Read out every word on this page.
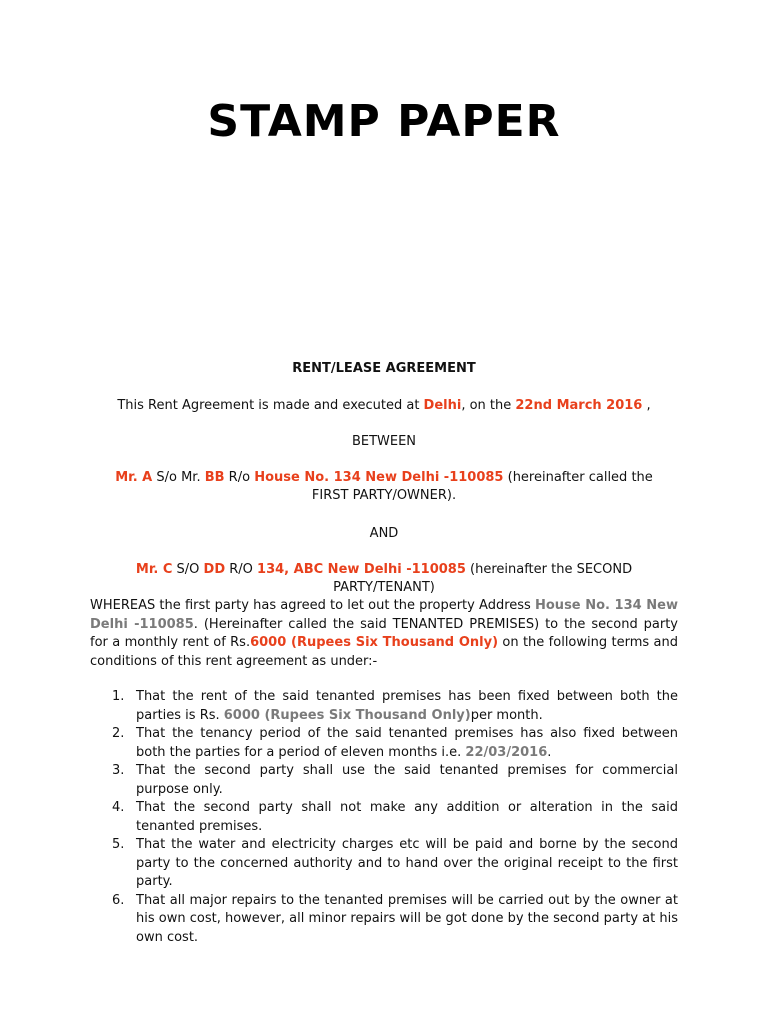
STAMP PAPER
RENT/LEASE AGREEMENT
This Rent Agreement is made and executed at Delhi, on the 22nd March 2016 ,
BETWEEN
Mr. A S/o Mr. BB R/o House No. 134 New Delhi -110085 (hereinafter called the FIRST PARTY/OWNER).
AND
Mr. C S/O DD R/O 134, ABC New Delhi -110085 (hereinafter the SECOND PARTY/TENANT)
WHEREAS the first party has agreed to let out the property Address House No. 134 New Delhi -110085. (Hereinafter called the said TENANTED PREMISES) to the second party for a monthly rent of Rs.6000 (Rupees Six Thousand Only) on the following terms and conditions of this rent agreement as under:-
1. That the rent of the said tenanted premises has been fixed between both the parties is Rs. 6000 (Rupees Six Thousand Only)per month.
2. That the tenancy period of the said tenanted premises has also fixed between both the parties for a period of eleven months i.e. 22/03/2016.
3. That the second party shall use the said tenanted premises for commercial purpose only.
4. That the second party shall not make any addition or alteration in the said tenanted premises.
5. That the water and electricity charges etc will be paid and borne by the second party to the concerned authority and to hand over the original receipt to the first party.
6. That all major repairs to the tenanted premises will be carried out by the owner at his own cost, however, all minor repairs will be got done by the second party at his own cost.
